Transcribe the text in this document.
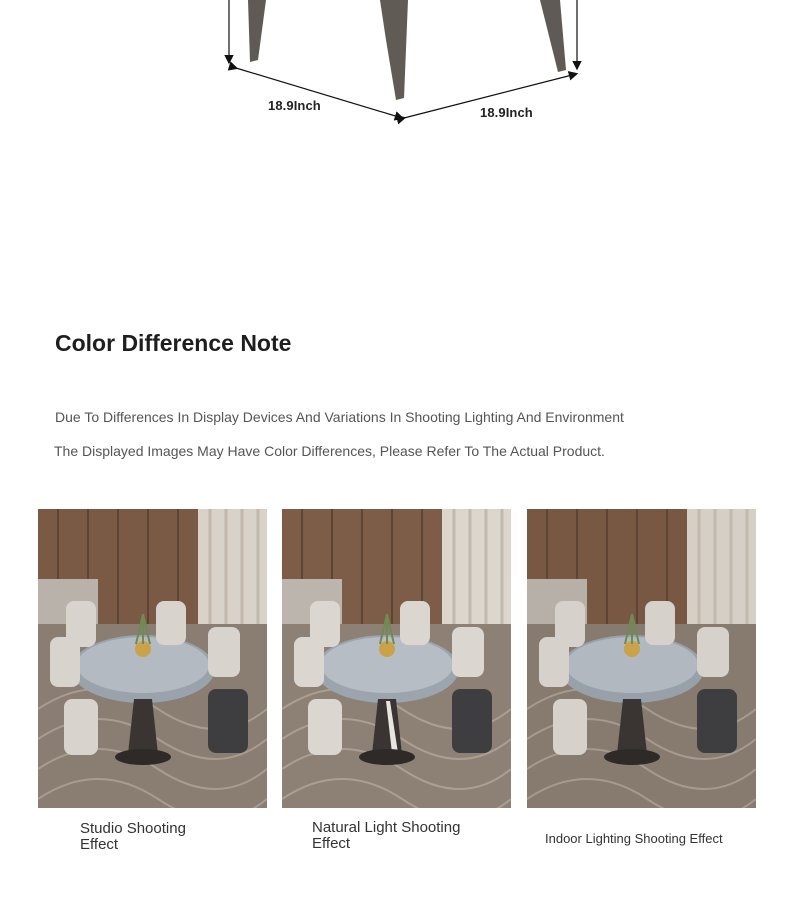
18.9Inch	18.9Inch
Color Difference Note
Due To Differences In Display Devices And Variations In Shooting Lighting And Environment
The Displayed Images May Have Color Differences, Please Refer To The Actual Product.
Studio Shooting Effect
Natural Light Shooting Effect	Indoor Lighting Shooting Effect
